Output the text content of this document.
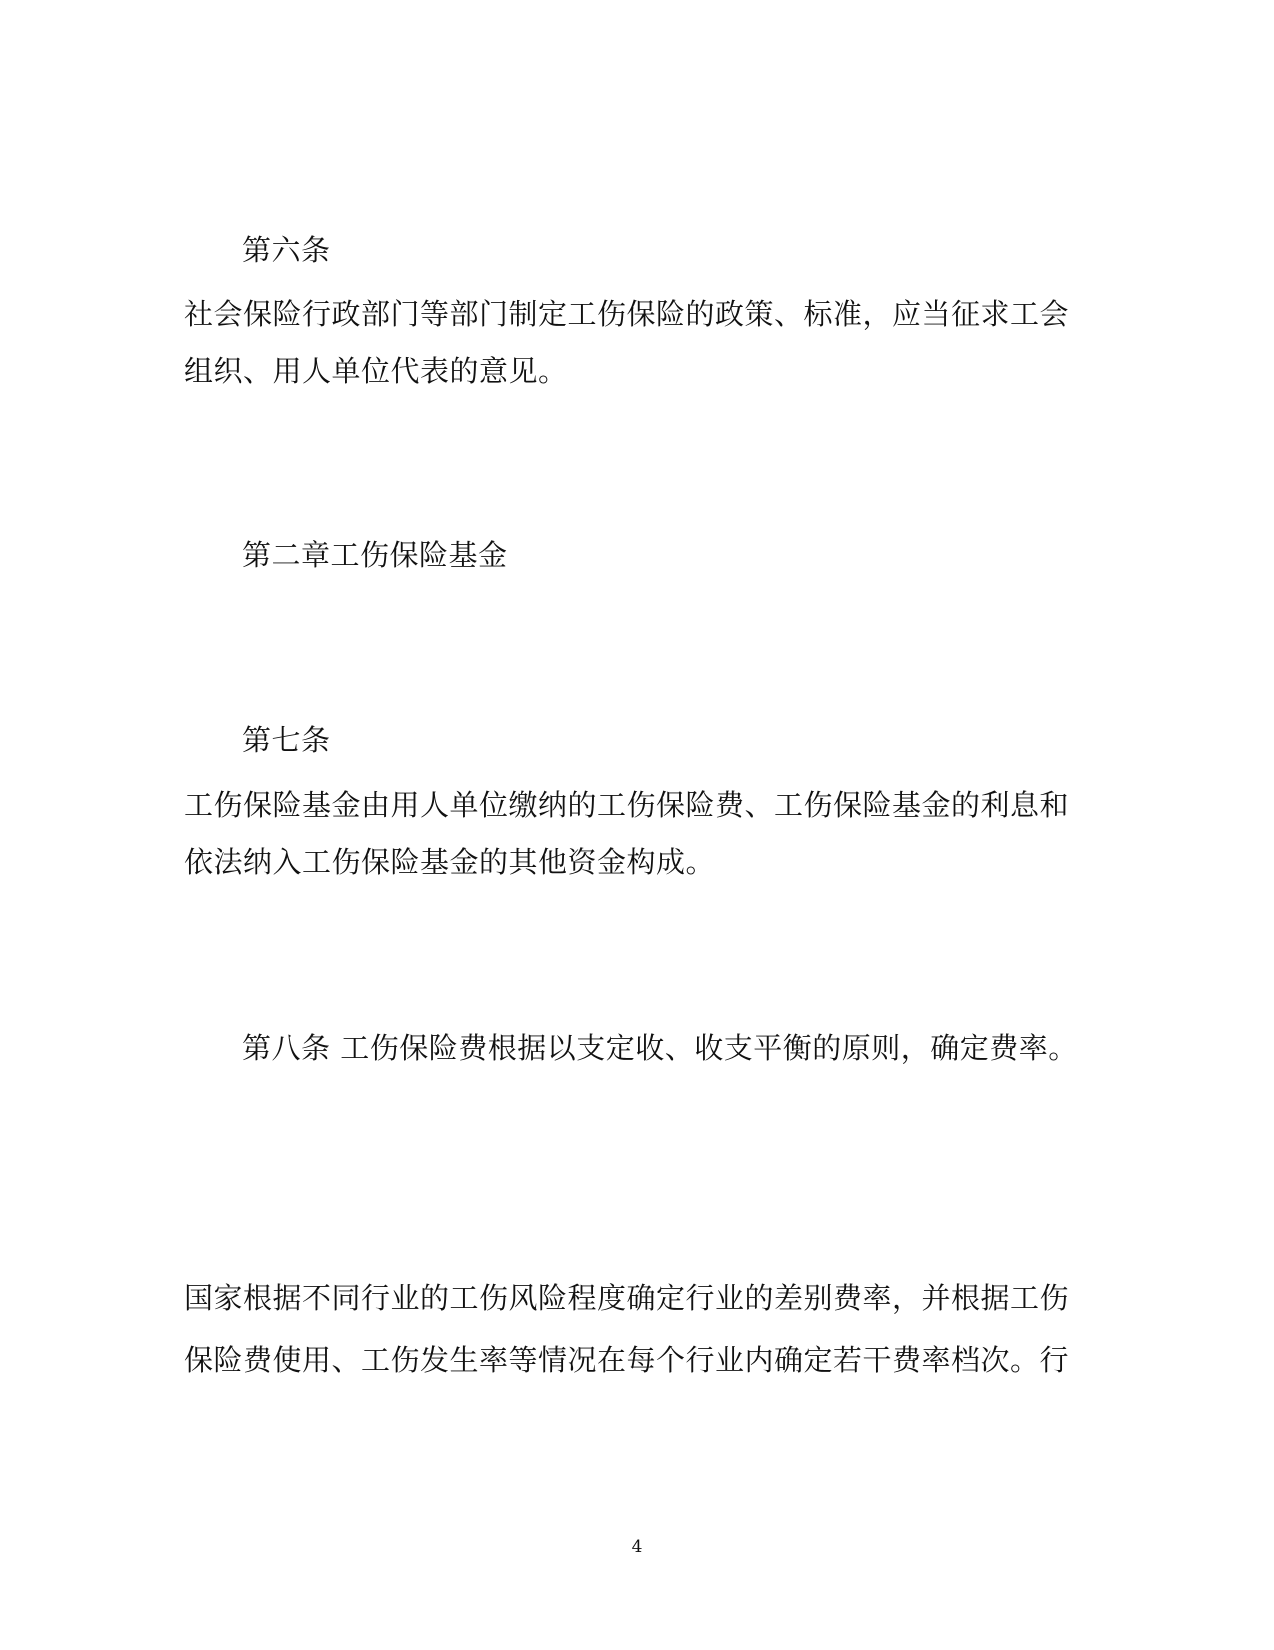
第六条
社会保险行政部门等部门制定工伤保险的政策、标准，应当征求工会
组织、用人单位代表的意见。
第二章工伤保险基金
第七条
工伤保险基金由用人单位缴纳的工伤保险费、工伤保险基金的利息和
依法纳入工伤保险基金的其他资金构成。
第八条 工伤保险费根据以支定收、收支平衡的原则，确定费率。
国家根据不同行业的工伤风险程度确定行业的差别费率，并根据工伤
保险费使用、工伤发生率等情况在每个行业内确定若干费率档次。行
4
